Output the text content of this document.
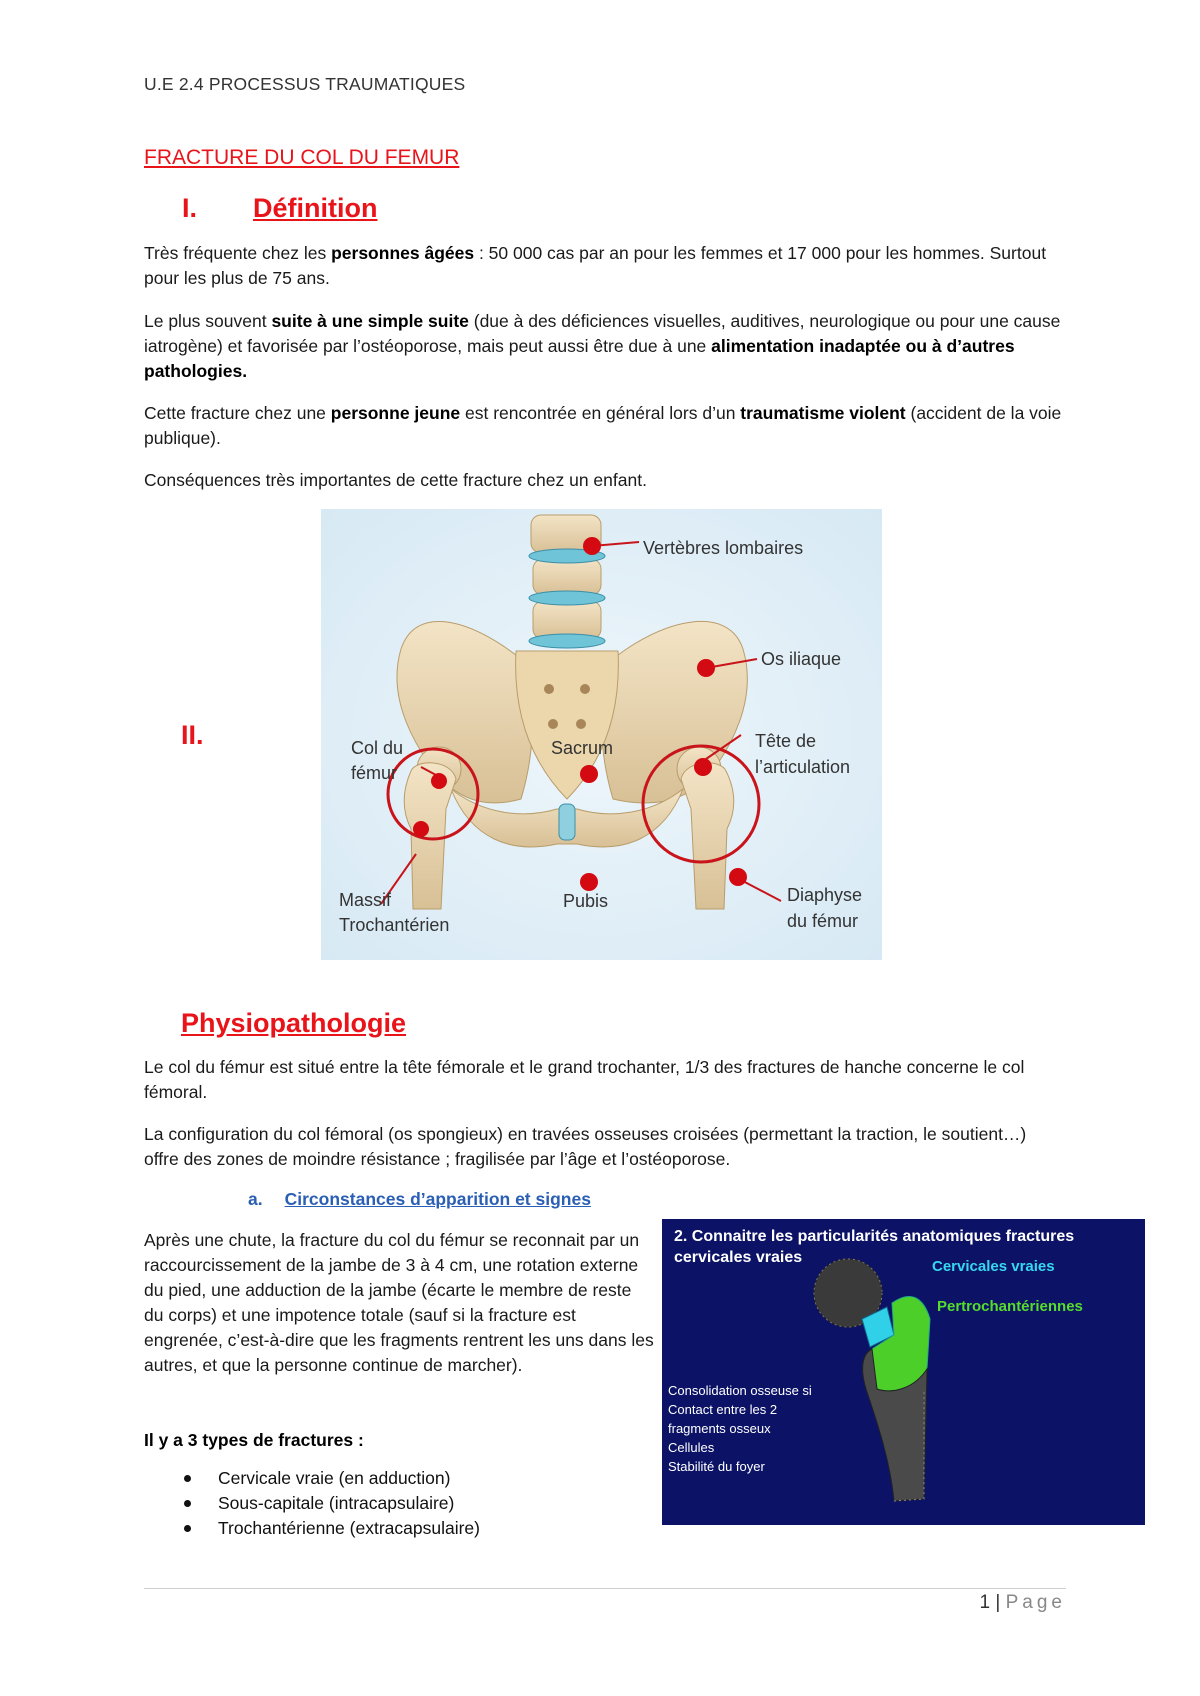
U.E 2.4 PROCESSUS TRAUMATIQUES
FRACTURE DU COL DU FEMUR
I. Définition
Très fréquente chez les personnes âgées : 50 000 cas par an pour les femmes et 17 000 pour les hommes. Surtout pour les plus de 75 ans.
Le plus souvent suite à une simple suite (due à des déficiences visuelles, auditives, neurologique ou pour une cause iatrogène) et favorisée par l’ostéoporose, mais peut aussi être due à une alimentation inadaptée ou à d’autres pathologies.
Cette fracture chez une personne jeune est rencontrée en général lors d’un traumatisme violent (accident de la voie publique).
Conséquences très importantes de cette fracture chez un enfant.
II.
Vertèbres lombaires
Os iliaque
Col du
fémur
Sacrum	Tête de
l’articulation
Massif
Trochantérien
Pubis	Diaphyse
du fémur
Physiopathologie
Le col du fémur est situé entre la tête fémorale et le grand trochanter, 1/3 des fractures de hanche concerne le col fémoral.
La configuration du col fémoral (os spongieux) en travées osseuses croisées (permettant la traction, le soutient…) offre des zones de moindre résistance ; fragilisée par l’âge et l’ostéoporose.
a. Circonstances d’apparition et signes
Après une chute, la fracture du col du fémur se reconnait par un raccourcissement de la jambe de 3 à 4 cm, une rotation externe du pied, une adduction de la jambe (écarte le membre de reste du corps) et une impotence totale (sauf si la fracture est engrenée, c’est-à-dire que les fragments rentrent les uns dans les autres, et que la personne continue de marcher).
Il y a 3 types de fractures :
Cervicale vraie (en adduction)
Sous-capitale (intracapsulaire)
Trochantérienne (extracapsulaire)
2. Connaitre les particularités anatomiques fractures
cervicales vraies
Cervicales vraies
Pertrochantériennes
Consolidation osseuse si
Contact entre les 2
fragments osseux
Cellules
Stabilité du foyer
1 | Page
